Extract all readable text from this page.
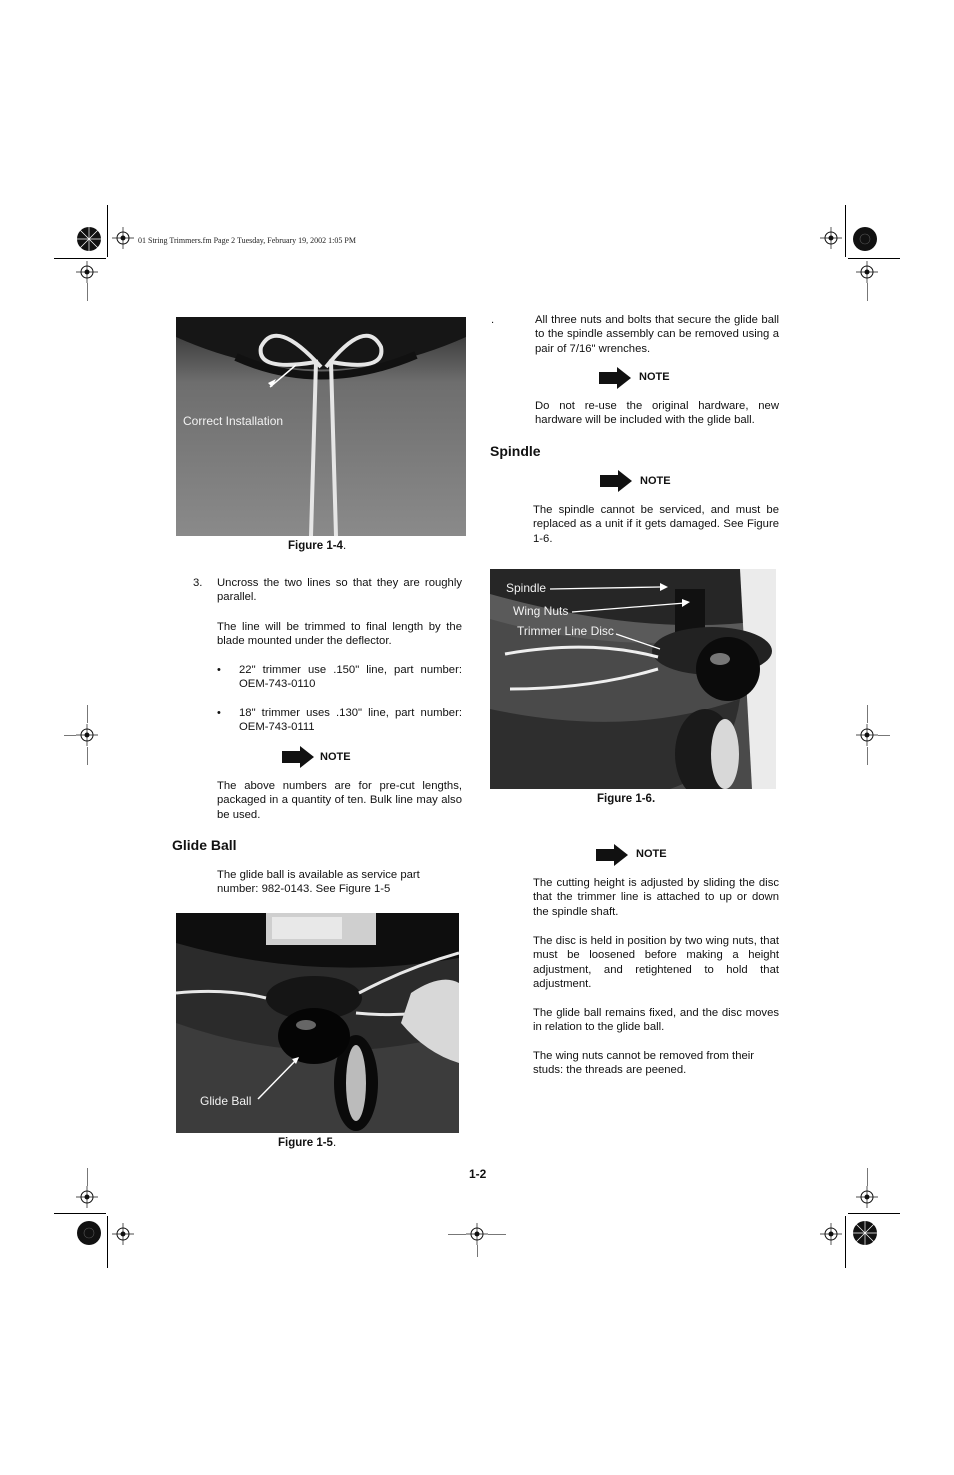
01 String Trimmers.fm Page 2 Tuesday, February 19, 2002 1:05 PM
Correct Installation
Figure 1-4.
3. Uncross the two lines so that they are roughly parallel.
The line will be trimmed to final length by the blade mounted under the deflector.
• 22" trimmer use .150" line, part number: OEM-743-0110
• 18" trimmer uses .130" line, part number: OEM-743-0111
NOTE
The above numbers are for pre-cut lengths, packaged in a quantity of ten. Bulk line may also be used.
Glide Ball
The glide ball is available as service part number: 982-0143. See Figure 1-5
Glide Ball
Figure 1-5.
.	All three nuts and bolts that secure the glide ball to the spindle assembly can be removed using a pair of 7/16" wrenches.
NOTE
Do not re-use the original hardware, new hardware will be included with the glide ball.
Spindle
NOTE
The spindle cannot be serviced, and must be replaced as a unit if it gets damaged. See Figure 1-6.
Spindle
Wing Nuts
Trimmer Line Disc
Figure 1-6.
NOTE
The cutting height is adjusted by sliding the disc that the trimmer line is attached to up or down the spindle shaft.
The disc is held in position by two wing nuts, that must be loosened before making a height adjustment, and retightened to hold that adjustment.
The glide ball remains fixed, and the disc moves in relation to the glide ball.
The wing nuts cannot be removed from their studs: the threads are peened.
1-2
